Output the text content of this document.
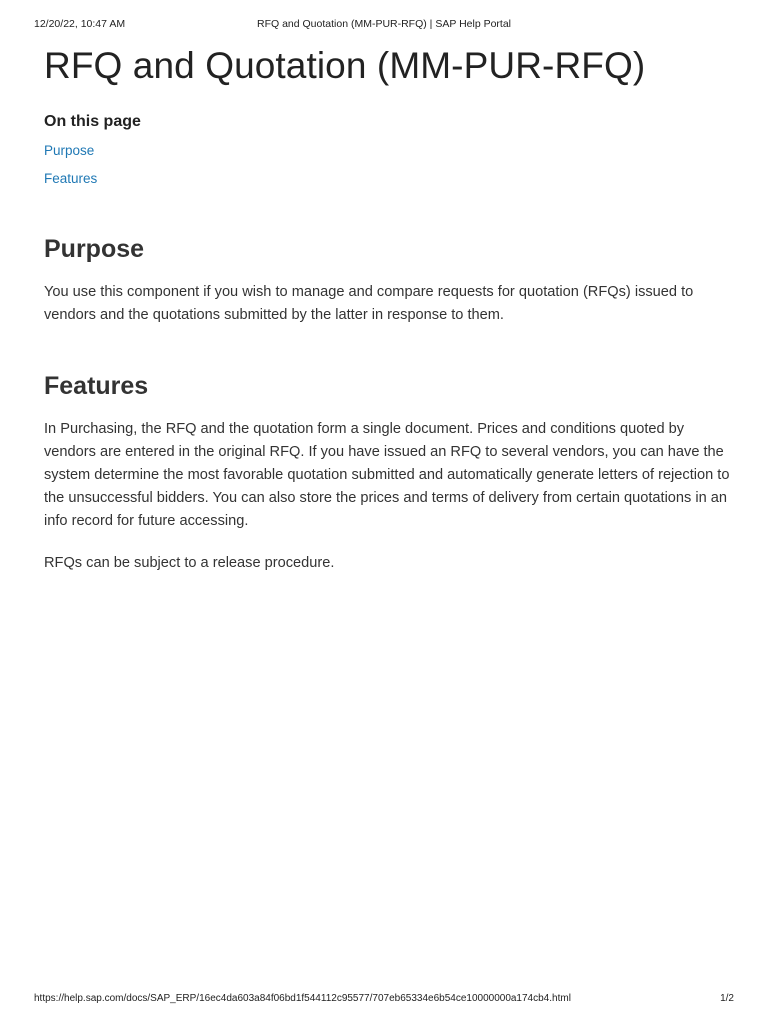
12/20/22, 10:47 AM	RFQ and Quotation (MM-PUR-RFQ) | SAP Help Portal
RFQ and Quotation (MM-PUR-RFQ)
On this page
Purpose
Features
Purpose

You use this component if you wish to manage and compare requests for quotation (RFQs) issued to vendors and the quotations submitted by the latter in response to them.

Features

In Purchasing, the RFQ and the quotation form a single document. Prices and conditions quoted by vendors are entered in the original RFQ. If you have issued an RFQ to several vendors, you can have the system determine the most favorable quotation submitted and automatically generate letters of rejection to the unsuccessful bidders. You can also store the prices and terms of delivery from certain quotations in an info record for future accessing.

RFQs can be subject to a release procedure.

https://help.sap.com/docs/SAP_ERP/16ec4da603a84f06bd1f544112c95577/707eb65334e6b54ce10000000a174cb4.html	1/2
